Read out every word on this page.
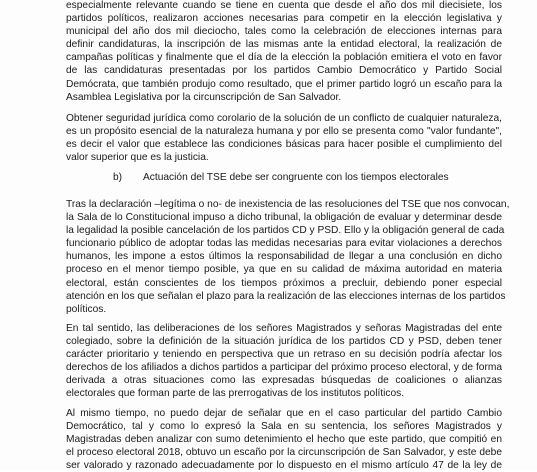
especialmente relevante cuando se tiene en cuenta que desde el año dos mil diecisiete, los
partidos políticos, realizaron acciones necesarias para competir en la elección legislativa y
municipal del año dos mil dieciocho, tales como la celebración de elecciones internas para
definir candidaturas, la inscripción de las mismas ante la entidad electoral, la realización de
campañas políticas y finalmente que el día de la elección la población emitiera el voto en favor
de las candidaturas presentadas por los partidos Cambio Democrático y Partido Social
Demócrata, que también produjo como resultado, que el primer partido logró un escaño para la
Asamblea Legislativa por la circunscripción de San Salvador.
Obtener seguridad jurídica como corolario de la solución de un conflicto de cualquier naturaleza,
es un propósito esencial de la naturaleza humana y por ello se presenta como "valor fundante",
es decir el valor que establece las condiciones básicas para hacer posible el cumplimiento del
valor superior que es la justicia.
b) Actuación del TSE debe ser congruente con los tiempos electorales
Tras la declaración –legítima o no- de inexistencia de las resoluciones del TSE que nos convocan,
la Sala de lo Constitucional impuso a dicho tribunal, la obligación de evaluar y determinar desde
la legalidad la posible cancelación de los partidos CD y PSD. Ello y la obligación general de cada
funcionario público de adoptar todas las medidas necesarias para evitar violaciones a derechos
humanos, les impone a estos últimos la responsabilidad de llegar a una conclusión en dicho
proceso en el menor tiempo posible, ya que en su calidad de máxima autoridad en materia
electoral, están conscientes de los tiempos próximos a precluir, debiendo poner especial
atención en los que señalan el plazo para la realización de las elecciones internas de los partidos
políticos.
En tal sentido, las deliberaciones de los señores Magistrados y señoras Magistradas del ente
colegiado, sobre la definición de la situación jurídica de los partidos CD y PSD, deben tener
carácter prioritario y teniendo en perspectiva que un retraso en su decisión podría afectar los
derechos de los afiliados a dichos partidos a participar del próximo proceso electoral, y de forma
derivada a otras situaciones como las expresadas búsquedas de coaliciones o alianzas
electorales que forman parte de las prerrogativas de los institutos políticos.
Al mismo tiempo, no puedo dejar de señalar que en el caso particular del partido Cambio
Democrático, tal y como lo expresó la Sala en su sentencia, los señores Magistrados y
Magistradas deben analizar con sumo detenimiento el hecho que este partido, que compitió en
el proceso electoral 2018, obtuvo un escaño por la circunscripción de San Salvador, y este debe
ser valorado y razonado adecuadamente por lo dispuesto en el mismo artículo 47 de la ley de
